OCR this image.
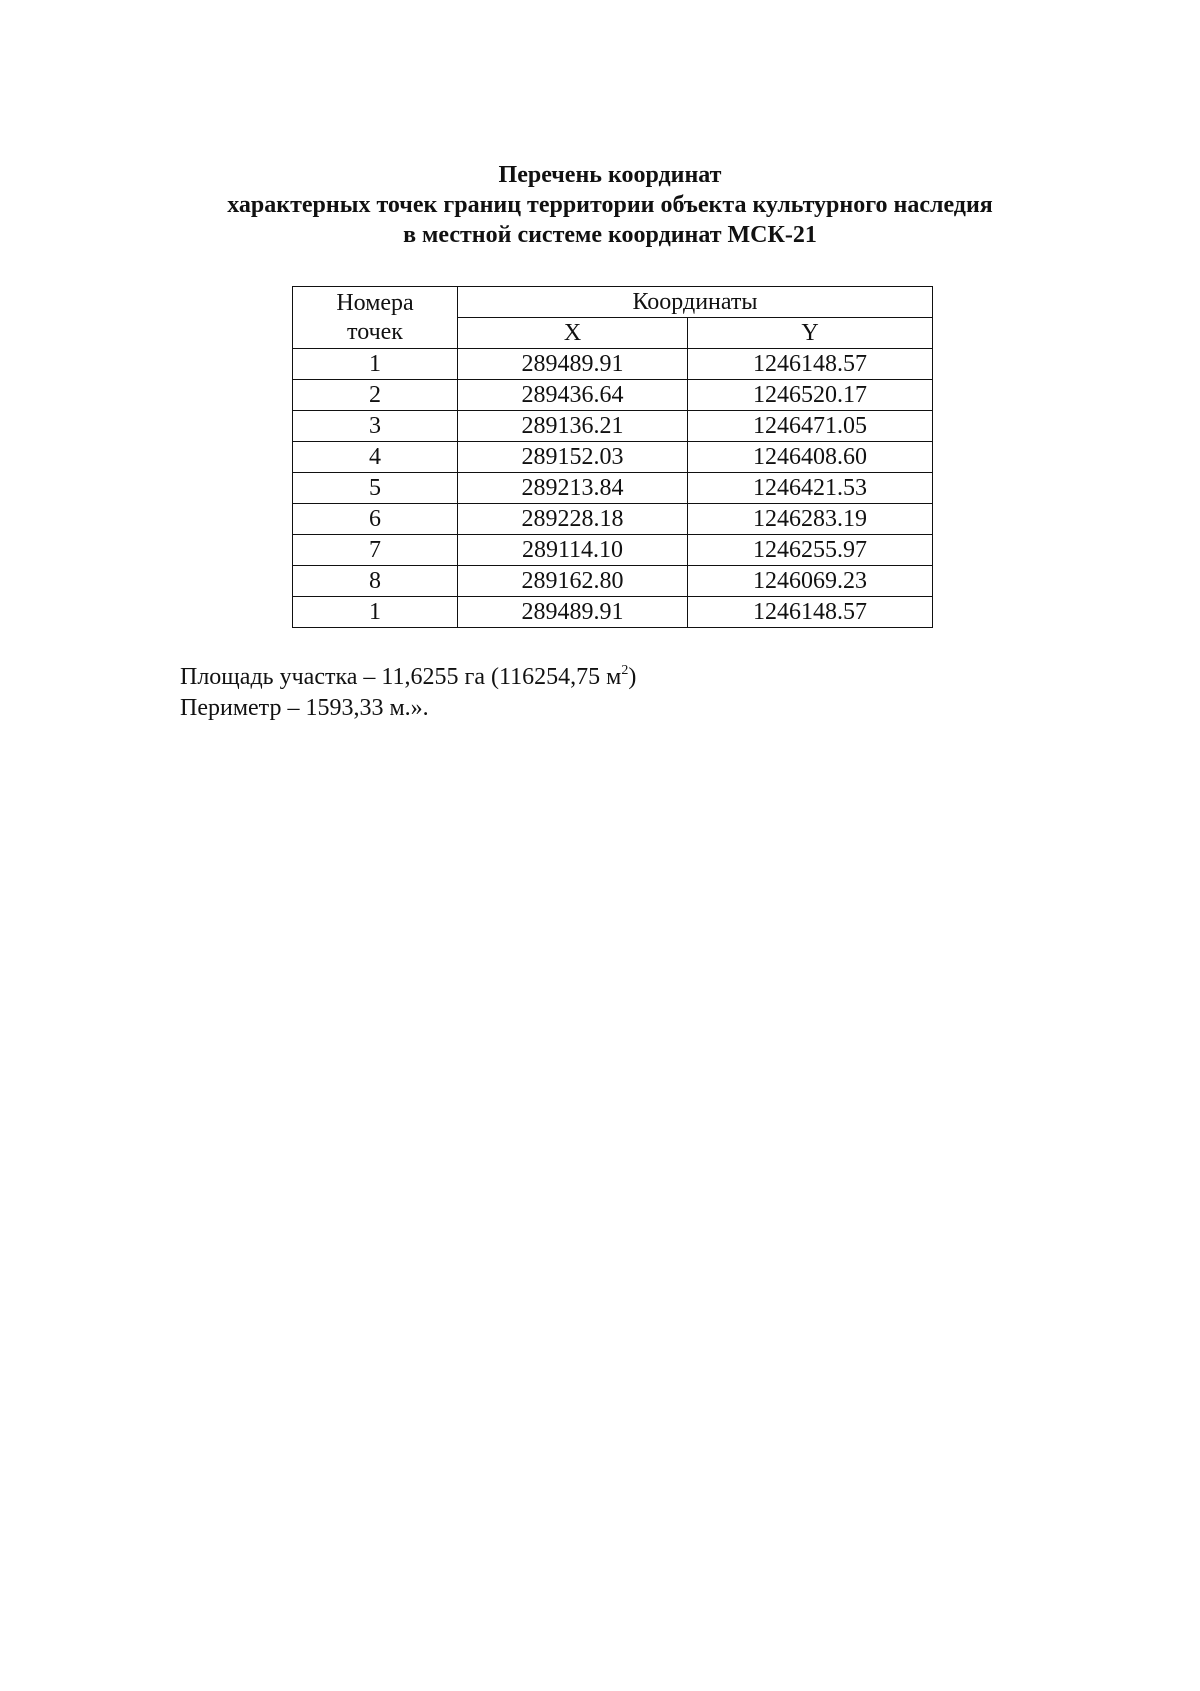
Перечень координат
характерных точек границ территории объекта культурного наследия
в местной системе координат МСК-21
Номера
точек	Координаты	
	X	Y
1	289489.91	1246148.57
2	289436.64	1246520.17
3	289136.21	1246471.05
4	289152.03	1246408.60
5	289213.84	1246421.53
6	289228.18	1246283.19
7	289114.10	1246255.97
8	289162.80	1246069.23
1	289489.91	1246148.57
Площадь участка – 11,6255 га (116254,75 $м^2$)
Периметр – 1593,33 м.».
